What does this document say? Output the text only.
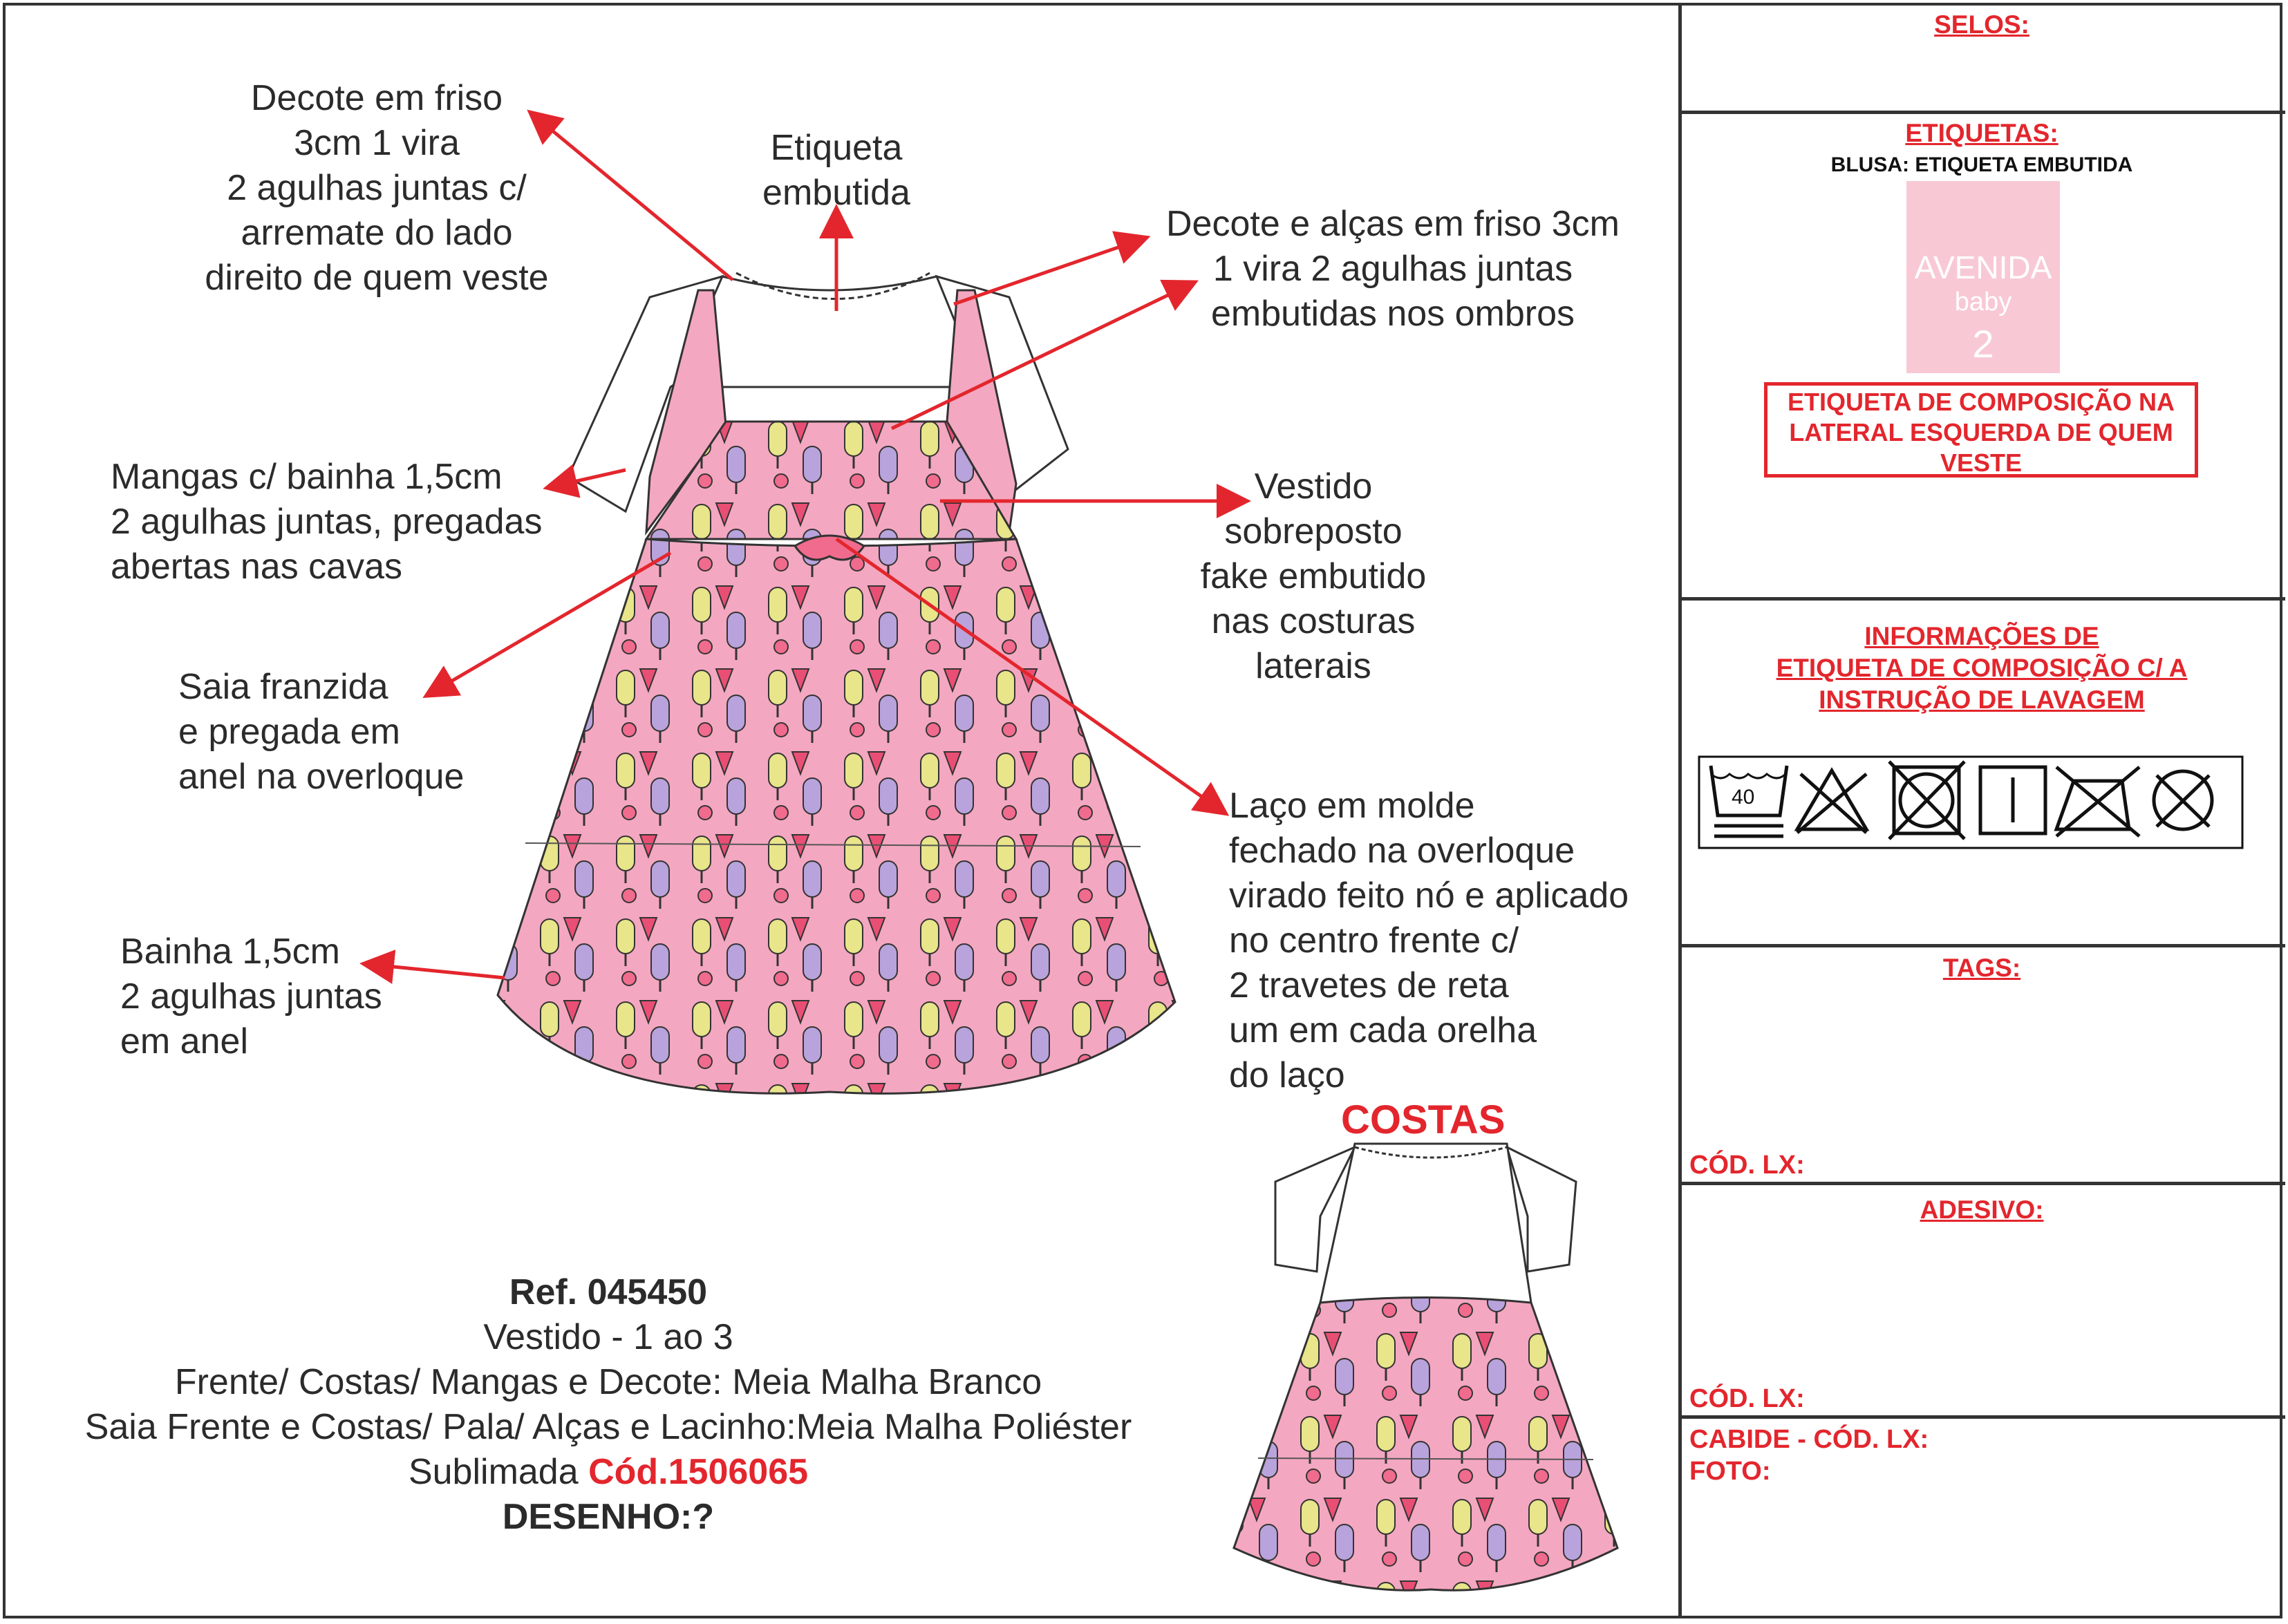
Decote em friso
3cm 1 vira
2 agulhas juntas c/
arremate do lado
direito de quem veste
Etiqueta
embutida
Decote e alças em friso 3cm
1 vira 2 agulhas juntas
embutidas nos ombros
Mangas c/ bainha 1,5cm
2 agulhas juntas, pregadas
abertas nas cavas
Vestido
sobreposto
fake embutido
nas costuras
laterais
Saia franzida
e pregada em
anel na overloque
Laço em molde
fechado na overloque
virado feito nó e aplicado
no centro frente c/
2 travetes de reta
um em cada orelha
do laço
Bainha 1,5cm
2 agulhas juntas
em anel
COSTAS
Ref. 045450
Vestido - 1 ao 3
Frente/ Costas/ Mangas e Decote: Meia Malha Branco
Saia Frente e Costas/ Pala/ Alças e Lacinho:Meia Malha Poliéster
Sublimada Cód.1506065
DESENHO:?
SELOS:
ETIQUETAS:
BLUSA: ETIQUETA EMBUTIDA
AVENIDA
baby
2
ETIQUETA DE COMPOSIÇÃO NA LATERAL ESQUERDA DE QUEM VESTE
INFORMAÇÕES DE
ETIQUETA DE COMPOSIÇÃO C/ A
INSTRUÇÃO DE LAVAGEM
40
TAGS:
CÓD. LX:
ADESIVO:
CÓD. LX:
CABIDE - CÓD. LX:
FOTO:
